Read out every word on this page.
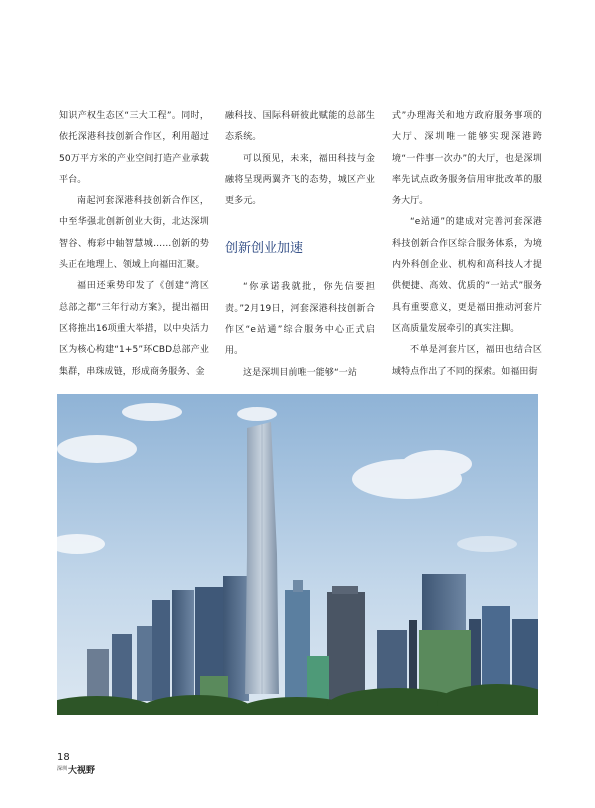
知识产权生态区“三大工程”。同时，依托深港科技创新合作区，利用超过50万平方米的产业空间打造产业承载平台。

南起河套深港科技创新合作区，中至华强北创新创业大街，北达深圳智谷、梅彩中轴智慧城……创新的势头正在地理上、领域上向福田汇聚。

福田还乘势印发了《创建“湾区总部之都”三年行动方案》，提出福田区将推出16项重大举措，以中央活力区为核心构建“1+5”环CBD总部产业集群，串珠成链，形成商务服务、金

融科技、国际科研彼此赋能的总部生态系统。

可以预见，未来，福田科技与金融将呈现两翼齐飞的态势，城区产业更多元。

创新创业加速

“你承诺我就批，你先信要担责。”2月19日，河套深港科技创新合作区“e站通”综合服务中心正式启用。

这是深圳目前唯一能够“一站

式”办理海关和地方政府服务事项的大厅、深圳唯一能够实现深港跨境“一件事一次办”的大厅，也是深圳率先试点政务服务信用审批改革的服务大厅。

“e站通”的建成对完善河套深港科技创新合作区综合服务体系，为境内外科创企业、机构和高科技人才提供便捷、高效、优质的“一站式”服务具有重要意义，更是福田推动河套片区高质量发展牵引的真实注脚。

不单是河套片区，福田也结合区域特点作出了不同的探索。如福田街

18
$^{深圳}$大视野
